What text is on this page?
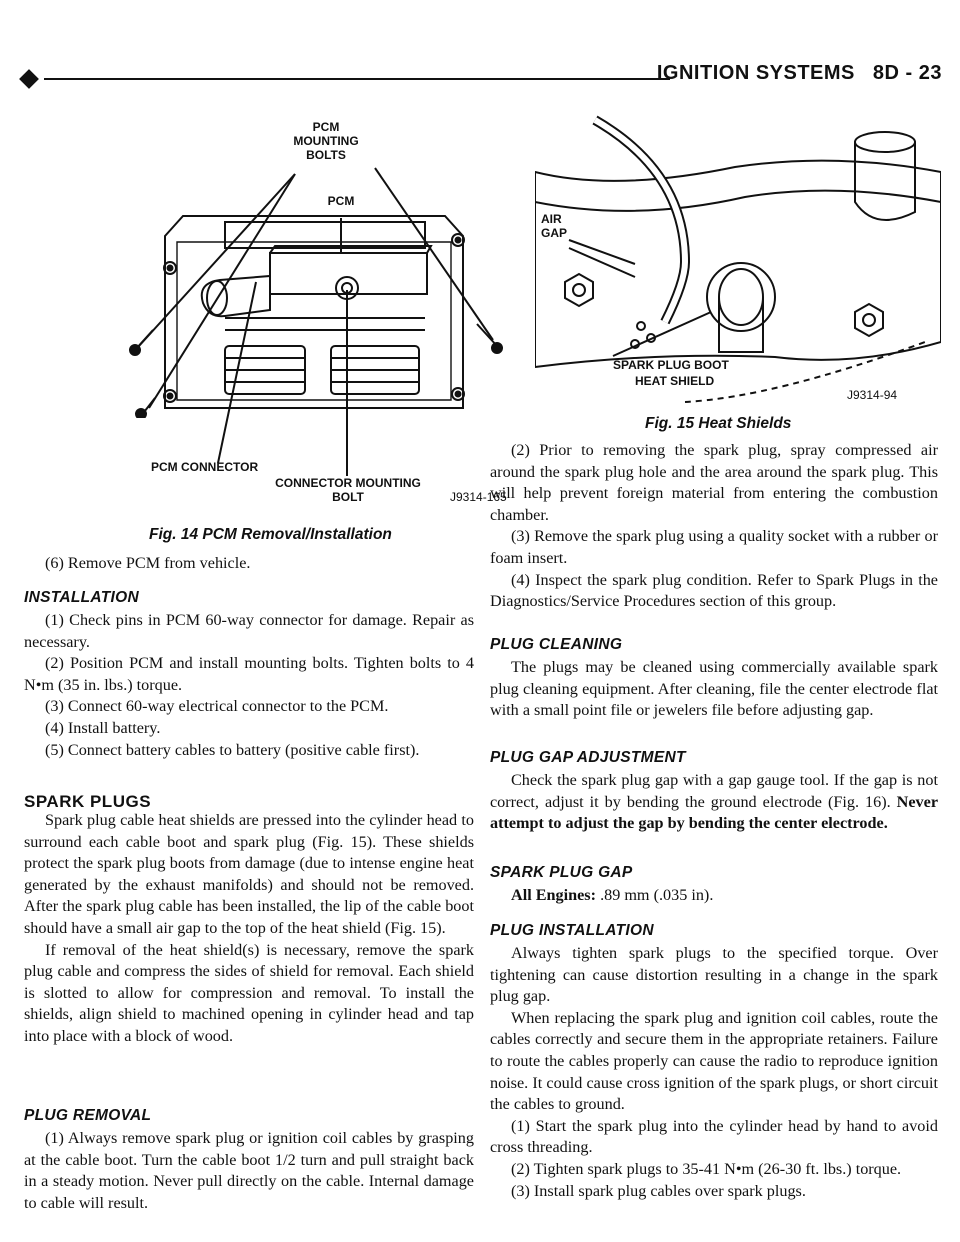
IGNITION SYSTEMS 8D - 23
PCM
MOUNTING
BOLTS
PCM
PCM CONNECTOR
CONNECTOR MOUNTING
BOLT	J9314-165
Fig. 14 PCM Removal/Installation

(6) Remove PCM from vehicle.

INSTALLATION

(1) Check pins in PCM 60-way connector for damage. Repair as necessary.

(2) Position PCM and install mounting bolts. Tighten bolts to 4 N•m (35 in. lbs.) torque.

(3) Connect 60-way electrical connector to the PCM.

(4) Install battery.

(5) Connect battery cables to battery (positive cable first).

SPARK PLUGS

Spark plug cable heat shields are pressed into the cylinder head to surround each cable boot and spark plug (Fig. 15). These shields protect the spark plug boots from damage (due to intense engine heat generated by the exhaust manifolds) and should not be removed. After the spark plug cable has been installed, the lip of the cable boot should have a small air gap to the top of the heat shield (Fig. 15).

If removal of the heat shield(s) is necessary, remove the spark plug cable and compress the sides of shield for removal. Each shield is slotted to allow for compression and removal. To install the shields, align shield to machined opening in cylinder head and tap into place with a block of wood.

PLUG REMOVAL

(1) Always remove spark plug or ignition coil cables by grasping at the cable boot. Turn the cable boot 1/2 turn and pull straight back in a steady motion. Never pull directly on the cable. Internal damage to cable will result.

AIR
GAP
SPARK PLUG BOOT
HEAT SHIELD
J9314-94
Fig. 15 Heat Shields

(2) Prior to removing the spark plug, spray compressed air around the spark plug hole and the area around the spark plug. This will help prevent foreign material from entering the combustion chamber.

(3) Remove the spark plug using a quality socket with a rubber or foam insert.

(4) Inspect the spark plug condition. Refer to Spark Plugs in the Diagnostics/Service Procedures section of this group.

PLUG CLEANING

The plugs may be cleaned using commercially available spark plug cleaning equipment. After cleaning, file the center electrode flat with a small point file or jewelers file before adjusting gap.

PLUG GAP ADJUSTMENT

Check the spark plug gap with a gap gauge tool. If the gap is not correct, adjust it by bending the ground electrode (Fig. 16). Never attempt to adjust the gap by bending the center electrode.

SPARK PLUG GAP

All Engines: .89 mm (.035 in).

PLUG INSTALLATION

Always tighten spark plugs to the specified torque. Over tightening can cause distortion resulting in a change in the spark plug gap.

When replacing the spark plug and ignition coil cables, route the cables correctly and secure them in the appropriate retainers. Failure to route the cables properly can cause the radio to reproduce ignition noise. It could cause cross ignition of the spark plugs, or short circuit the cables to ground.

(1) Start the spark plug into the cylinder head by hand to avoid cross threading.

(2) Tighten spark plugs to 35-41 N•m (26-30 ft. lbs.) torque.

(3) Install spark plug cables over spark plugs.
